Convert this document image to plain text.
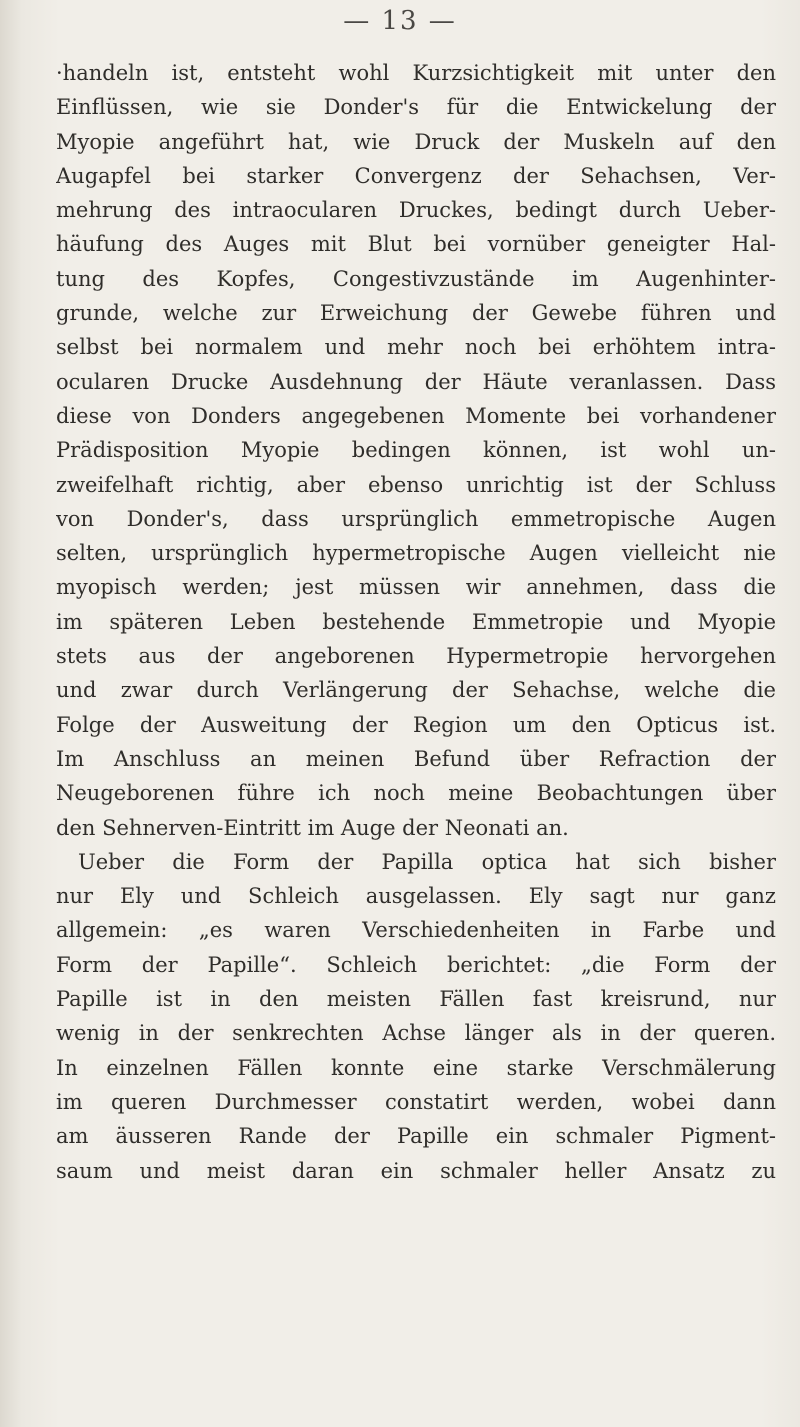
— 13 —
·handeln ist, entsteht wohl Kurzsichtigkeit mit unter den
Einflüssen, wie sie Donder's für die Entwickelung der
Myopie angeführt hat, wie Druck der Muskeln auf den
Augapfel bei starker Convergenz der Sehachsen, Ver-
mehrung des intraocularen Druckes, bedingt durch Ueber-
häufung des Auges mit Blut bei vornüber geneigter Hal-
tung des Kopfes, Congestivzustände im Augenhinter-
grunde, welche zur Erweichung der Gewebe führen und
selbst bei normalem und mehr noch bei erhöhtem intra-
ocularen Drucke Ausdehnung der Häute veranlassen. Dass
diese von Donders angegebenen Momente bei vorhandener
Prädisposition Myopie bedingen können, ist wohl un-
zweifelhaft richtig, aber ebenso unrichtig ist der Schluss
von Donder's, dass ursprünglich emmetropische Augen
selten, ursprünglich hypermetropische Augen vielleicht nie
myopisch werden; jest müssen wir annehmen, dass die
im späteren Leben bestehende Emmetropie und Myopie
stets aus der angeborenen Hypermetropie hervorgehen
und zwar durch Verlängerung der Sehachse, welche die
Folge der Ausweitung der Region um den Opticus ist.
Im Anschluss an meinen Befund über Refraction der
Neugeborenen führe ich noch meine Beobachtungen über
den Sehnerven-Eintritt im Auge der Neonati an.
Ueber die Form der Papilla optica hat sich bisher
nur Ely und Schleich ausgelassen. Ely sagt nur ganz
allgemein: „es waren Verschiedenheiten in Farbe und
Form der Papille“. Schleich berichtet: „die Form der
Papille ist in den meisten Fällen fast kreisrund, nur
wenig in der senkrechten Achse länger als in der queren.
In einzelnen Fällen konnte eine starke Verschmälerung
im queren Durchmesser constatirt werden, wobei dann
am äusseren Rande der Papille ein schmaler Pigment-
saum und meist daran ein schmaler heller Ansatz zu
